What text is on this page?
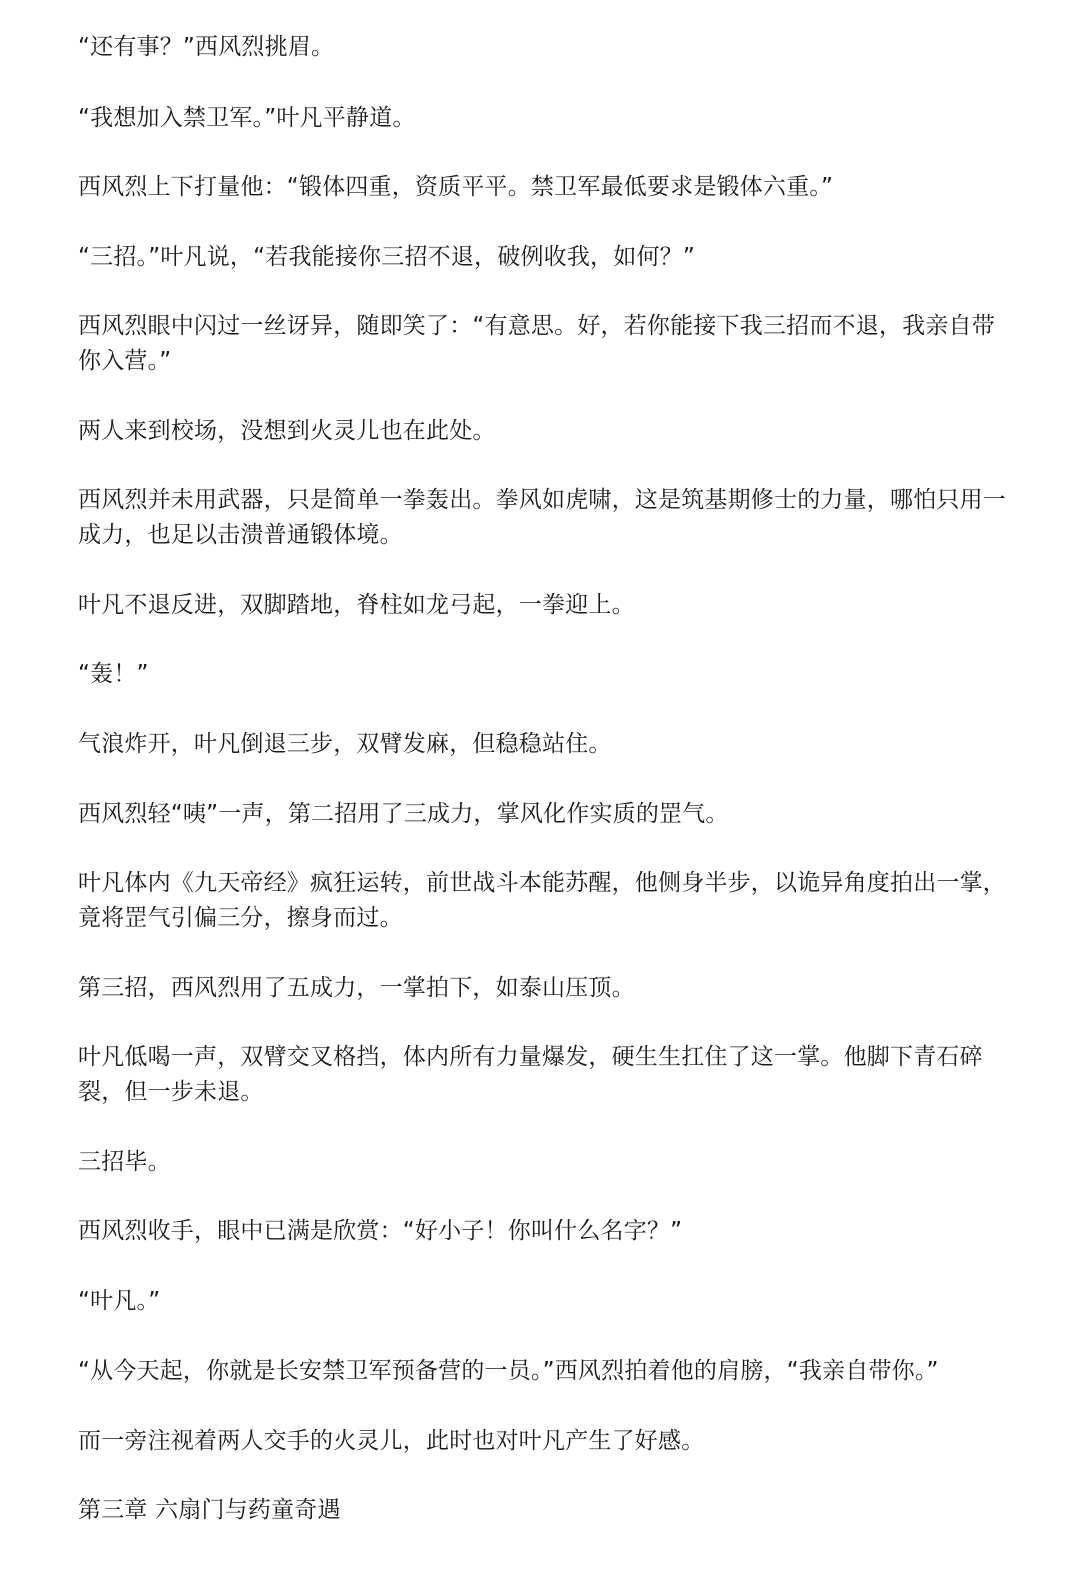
“还有事？”西风烈挑眉。

“我想加入禁卫军。”叶凡平静道。

西风烈上下打量他：“锻体四重，资质平平。禁卫军最低要求是锻体六重。”

“三招。”叶凡说，“若我能接你三招不退，破例收我，如何？”

西风烈眼中闪过一丝讶异，随即笑了：“有意思。好，若你能接下我三招而不退，我亲自带你入营。”

两人来到校场，没想到火灵儿也在此处。

西风烈并未用武器，只是简单一拳轰出。拳风如虎啸，这是筑基期修士的力量，哪怕只用一成力，也足以击溃普通锻体境。

叶凡不退反进，双脚踏地，脊柱如龙弓起，一拳迎上。

“轰！”

气浪炸开，叶凡倒退三步，双臂发麻，但稳稳站住。

西风烈轻“咦”一声，第二招用了三成力，掌风化作实质的罡气。

叶凡体内《九天帝经》疯狂运转，前世战斗本能苏醒，他侧身半步，以诡异角度拍出一掌，竟将罡气引偏三分，擦身而过。

第三招，西风烈用了五成力，一掌拍下，如泰山压顶。

叶凡低喝一声，双臂交叉格挡，体内所有力量爆发，硬生生扛住了这一掌。他脚下青石碎裂，但一步未退。

三招毕。

西风烈收手，眼中已满是欣赏：“好小子！你叫什么名字？”

“叶凡。”

“从今天起，你就是长安禁卫军预备营的一员。”西风烈拍着他的肩膀，“我亲自带你。”

而一旁注视着两人交手的火灵儿，此时也对叶凡产生了好感。

第三章 六扇门与药童奇遇
